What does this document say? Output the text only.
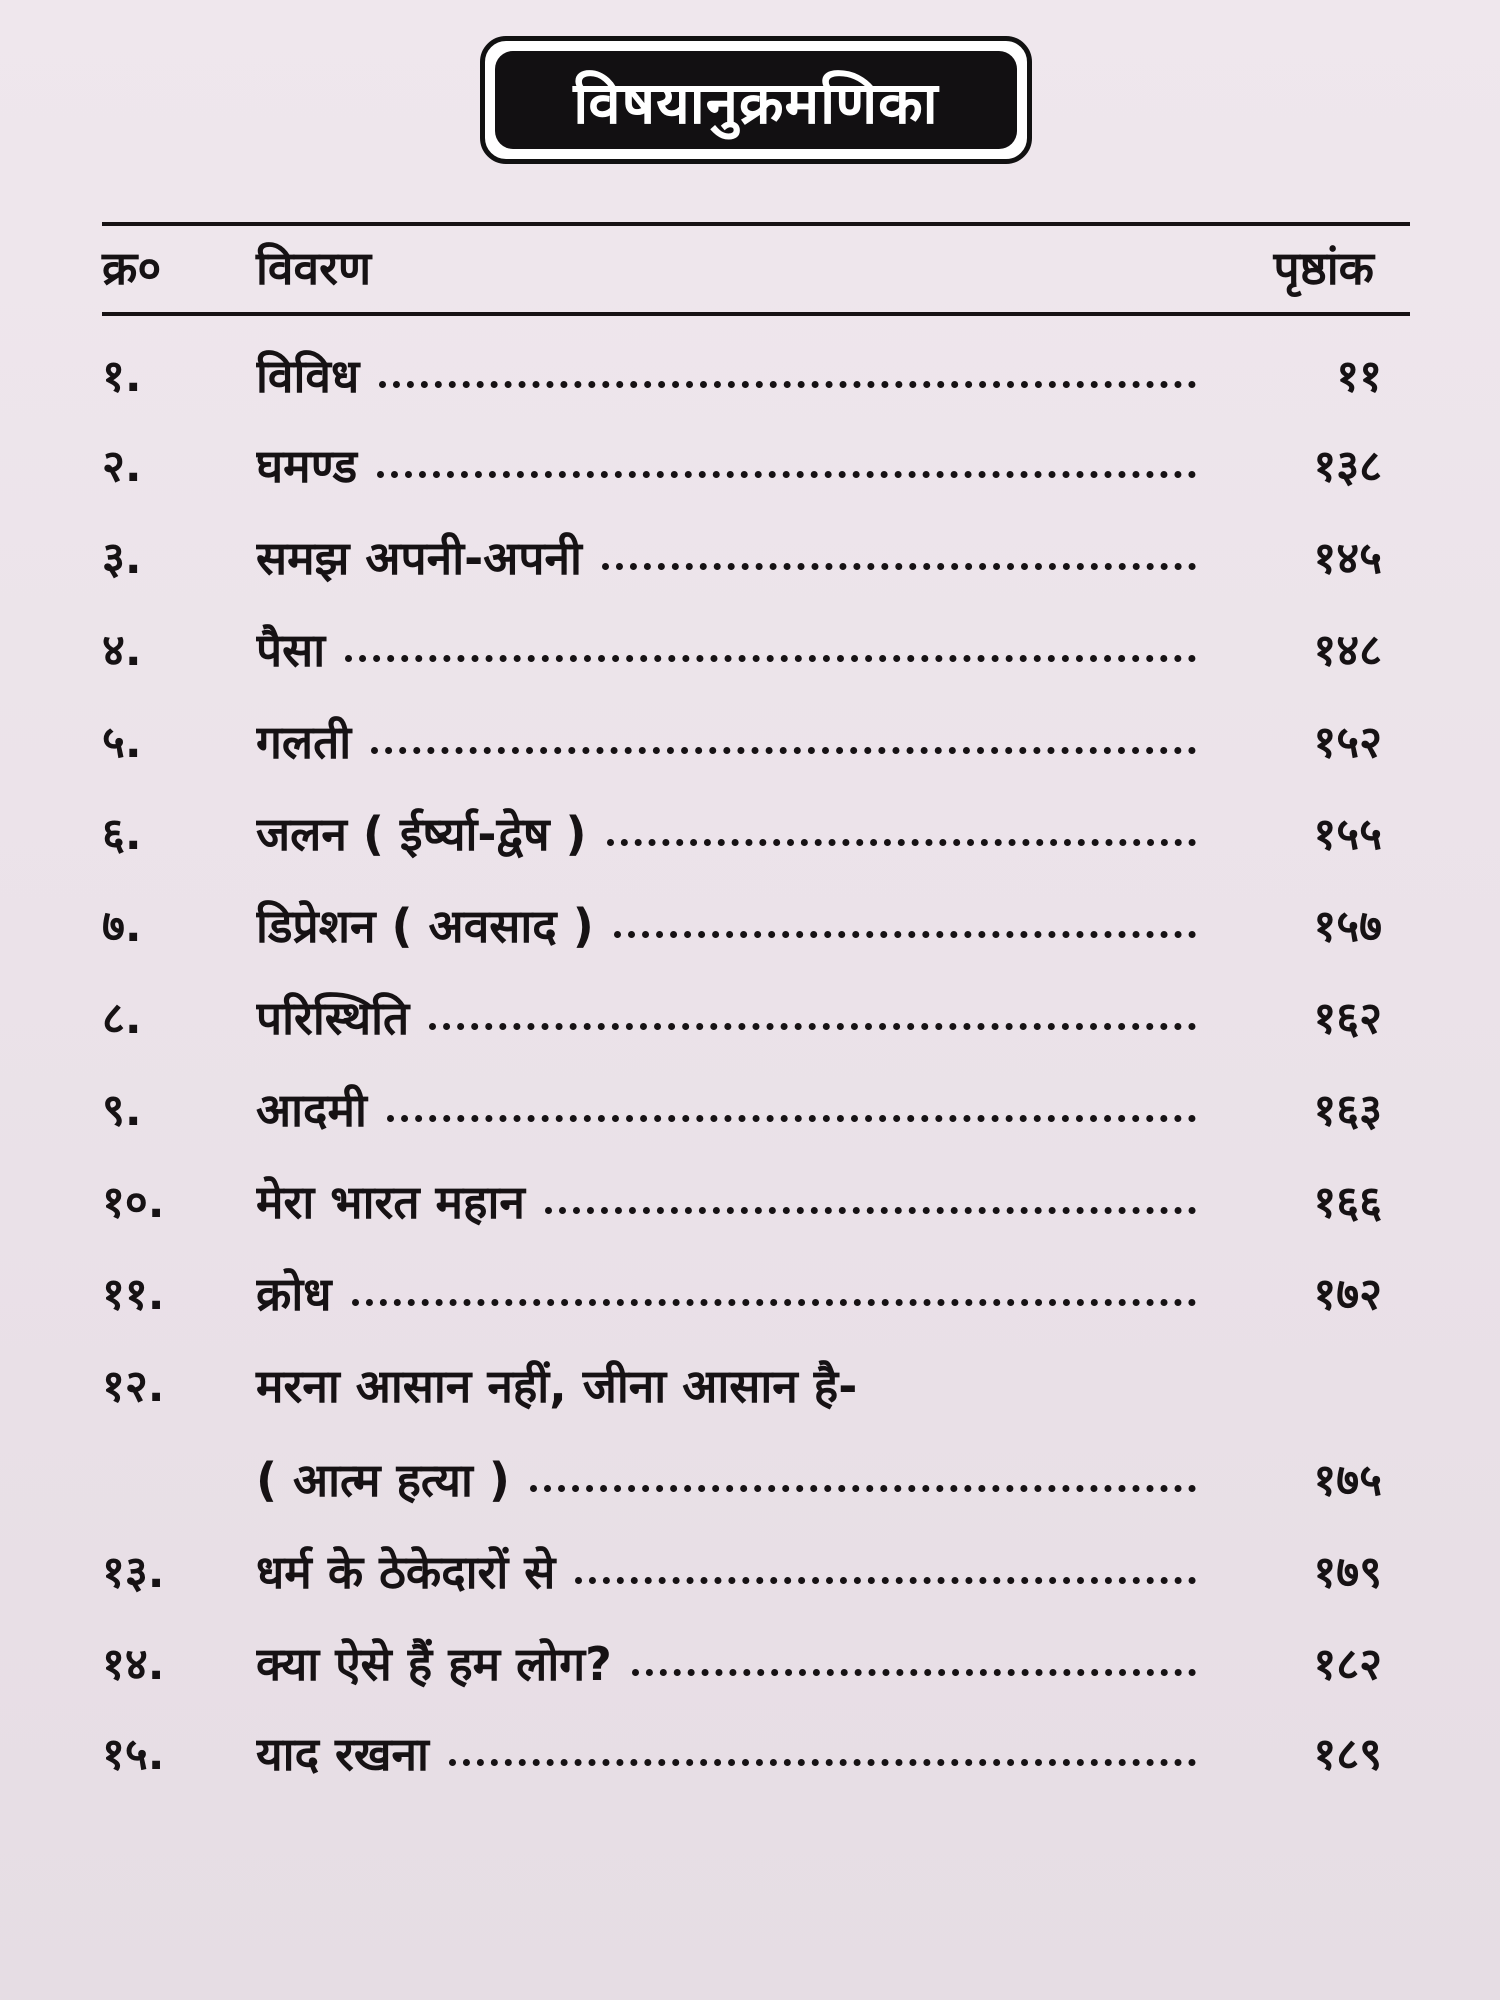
विषयानुक्रमणिका
क्र० विवरण	पृष्ठांक
१. विविध	११
२. घमण्ड	१३८
३. समझ अपनी-अपनी	१४५
४. पैसा	१४८
५. गलती	१५२
६. जलन ( ईर्ष्या-द्वेष )	१५५
७. डिप्रेशन ( अवसाद )	१५७
८. परिस्थिति	१६२
९. आदमी	१६३
१०. मेरा भारत महान	१६६
११. क्रोध	१७२
१२. मरना आसान नहीं, जीना आसान है-
( आत्म हत्या )	१७५
१३. धर्म के ठेकेदारों से	१७९
१४. क्या ऐसे हैं हम लोग?	१८२
१५. याद रखना	१८९
